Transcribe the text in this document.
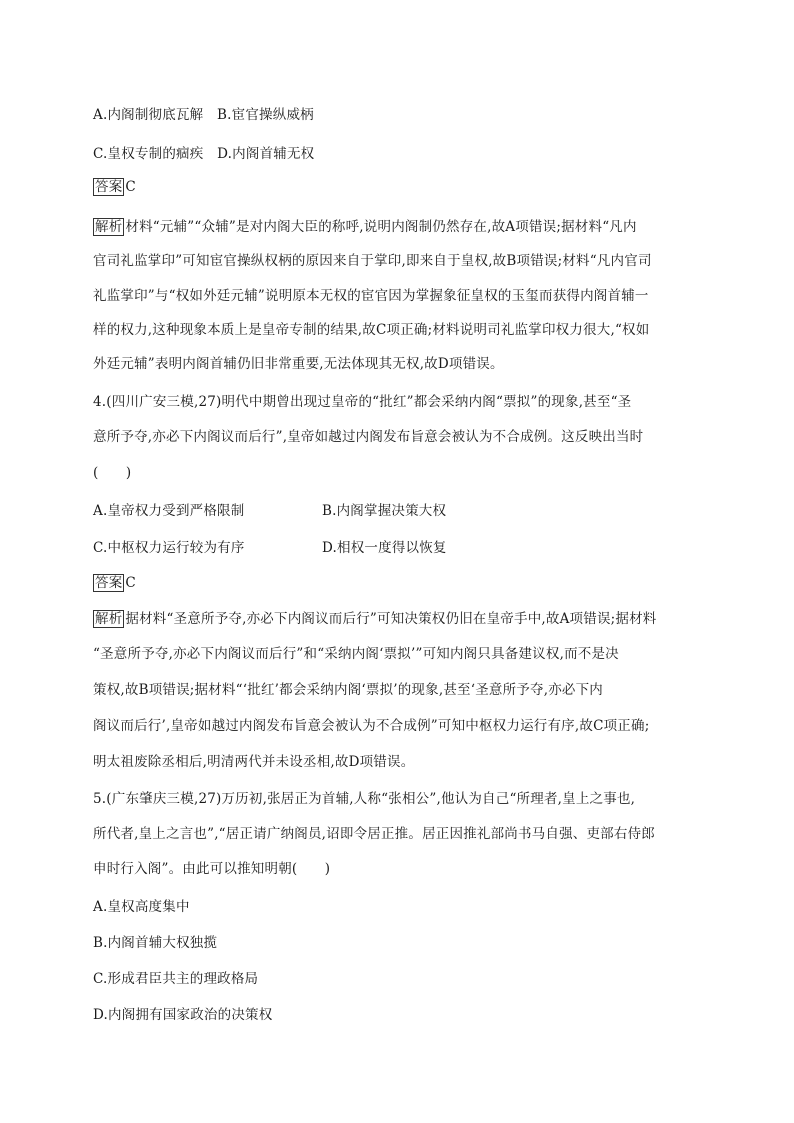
A.内阁制彻底瓦解　B.宦官操纵威柄
C.皇权专制的痼疾　D.内阁首辅无权
答案 C
解析 材料“元辅”“众辅”是对内阁大臣的称呼,说明内阁制仍然存在,故A项错误;据材料“凡内
官司礼监掌印”可知宦官操纵权柄的原因来自于掌印,即来自于皇权,故B项错误;材料“凡内官司
礼监掌印”与“权如外廷元辅”说明原本无权的宦官因为掌握象征皇权的玉玺而获得内阁首辅一
样的权力,这种现象本质上是皇帝专制的结果,故C项正确;材料说明司礼监掌印权力很大,“权如
外廷元辅”表明内阁首辅仍旧非常重要,无法体现其无权,故D项错误。
4.(四川广安三模,27)明代中期曾出现过皇帝的“批红”都会采纳内阁“票拟”的现象,甚至“圣
意所予夺,亦必下内阁议而后行”,皇帝如越过内阁发布旨意会被认为不合成例。这反映出当时
(　　)
A.皇帝权力受到严格限制	B.内阁掌握决策大权
C.中枢权力运行较为有序	D.相权一度得以恢复
答案 C
解析 据材料“圣意所予夺,亦必下内阁议而后行”可知决策权仍旧在皇帝手中,故A项错误;据材料
“圣意所予夺,亦必下内阁议而后行”和“采纳内阁‘票拟’”可知内阁只具备建议权,而不是决
策权,故B项错误;据材料“‘批红’都会采纳内阁‘票拟’的现象,甚至‘圣意所予夺,亦必下内
阁议而后行’,皇帝如越过内阁发布旨意会被认为不合成例”可知中枢权力运行有序,故C项正确;
明太祖废除丞相后,明清两代并未设丞相,故D项错误。
5.(广东肇庆三模,27)万历初,张居正为首辅,人称“张相公”,他认为自己“所理者,皇上之事也,
所代者,皇上之言也”,“居正请广纳阁员,诏即令居正推。居正因推礼部尚书马自强、吏部右侍郎
申时行入阁”。由此可以推知明朝(　　)
A.皇权高度集中
B.内阁首辅大权独揽
C.形成君臣共主的理政格局
D.内阁拥有国家政治的决策权
